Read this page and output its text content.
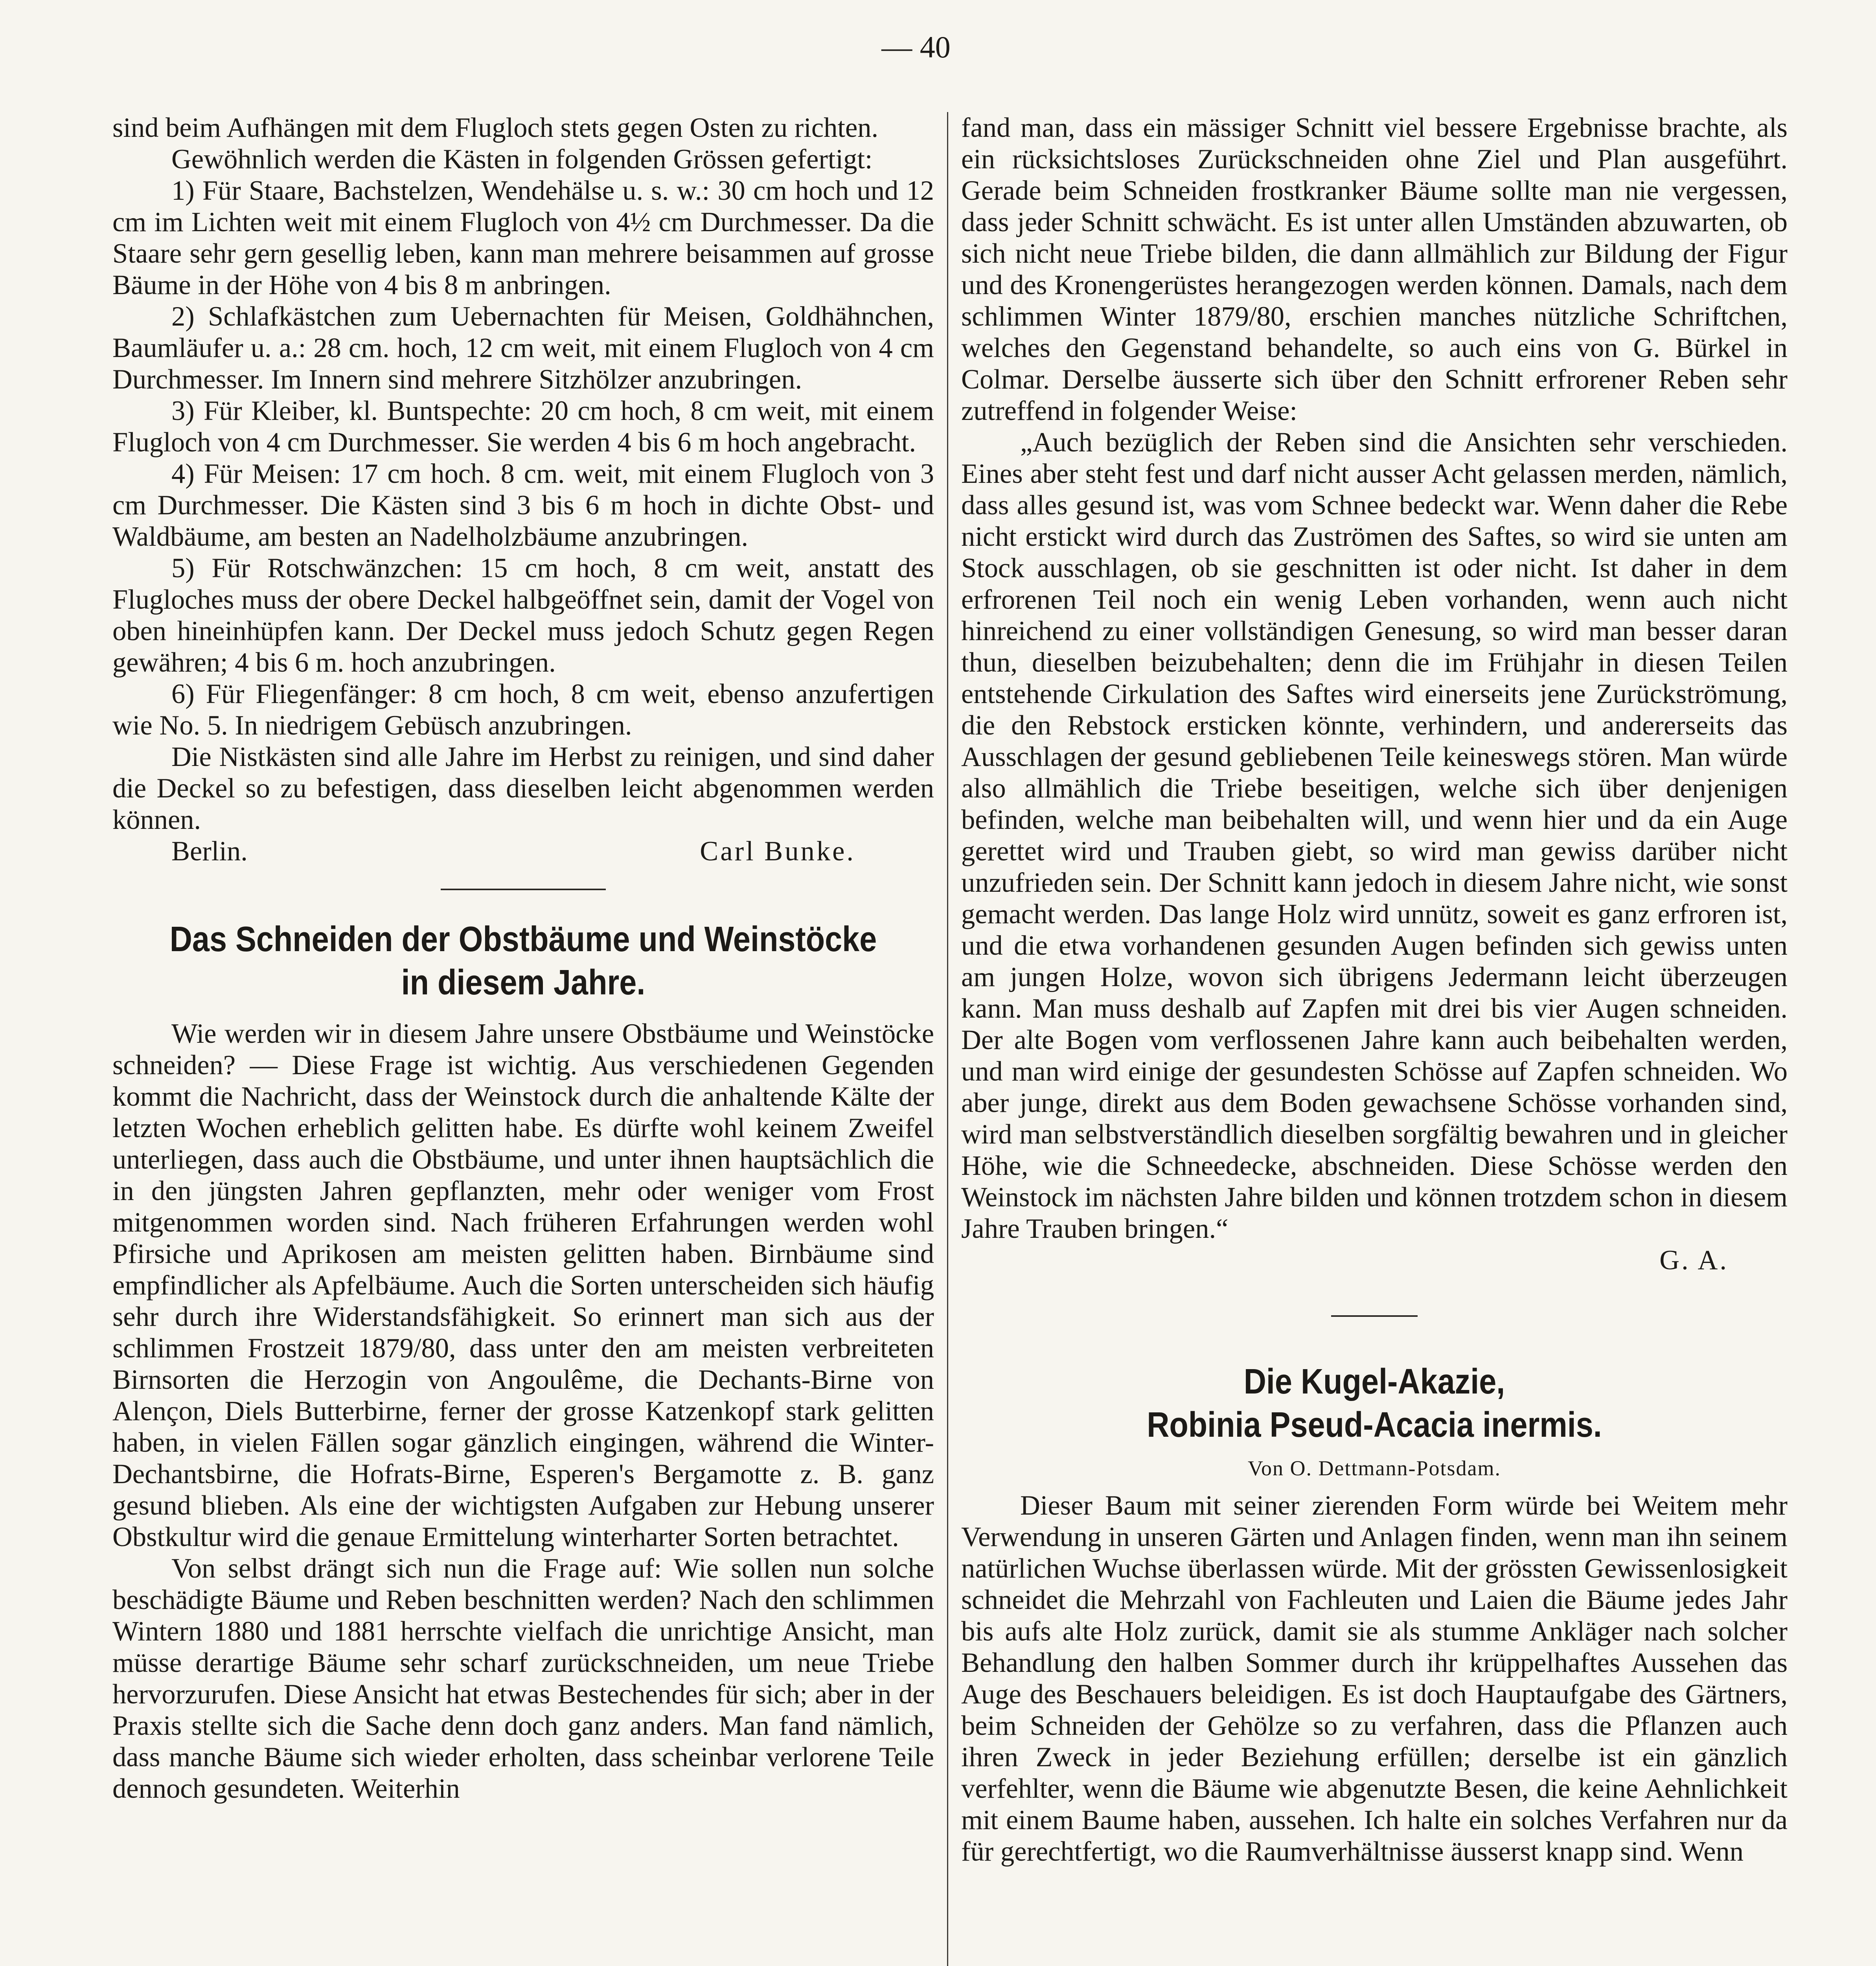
— 40

sind beim Aufhängen mit dem Flugloch stets gegen Osten zu richten.

Gewöhnlich werden die Kästen in folgenden Grössen gefertigt:

1) Für Staare, Bachstelzen, Wendehälse u. s. w.: 30 cm hoch und 12 cm im Lichten weit mit einem Flugloch von 4½ cm Durchmesser. Da die Staare sehr gern gesellig leben, kann man mehrere beisammen auf grosse Bäume in der Höhe von 4 bis 8 m anbringen.

2) Schlafkästchen zum Uebernachten für Meisen, Goldhähnchen, Baumläufer u. a.: 28 cm. hoch, 12 cm weit, mit einem Flugloch von 4 cm Durchmesser. Im Innern sind mehrere Sitzhölzer anzubringen.

3) Für Kleiber, kl. Buntspechte: 20 cm hoch, 8 cm weit, mit einem Flugloch von 4 cm Durchmesser. Sie werden 4 bis 6 m hoch angebracht.

4) Für Meisen: 17 cm hoch. 8 cm. weit, mit einem Flugloch von 3 cm Durchmesser. Die Kästen sind 3 bis 6 m hoch in dichte Obst- und Waldbäume, am besten an Nadelholzbäume anzubringen.

5) Für Rotschwänzchen: 15 cm hoch, 8 cm weit, anstatt des Flugloches muss der obere Deckel halbgeöffnet sein, damit der Vogel von oben hineinhüpfen kann. Der Deckel muss jedoch Schutz gegen Regen gewähren; 4 bis 6 m. hoch anzubringen.

6) Für Fliegenfänger: 8 cm hoch, 8 cm weit, ebenso anzufertigen wie No. 5. In niedrigem Gebüsch anzubringen.

Die Nistkästen sind alle Jahre im Herbst zu reinigen, und sind daher die Deckel so zu befestigen, dass dieselben leicht abgenommen werden können.

Berlin.	Carl Bunke.
Das Schneiden der Obstbäume und Weinstöcke in diesem Jahre.

Wie werden wir in diesem Jahre unsere Obstbäume und Weinstöcke schneiden? — Diese Frage ist wichtig. Aus verschiedenen Gegenden kommt die Nachricht, dass der Weinstock durch die anhaltende Kälte der letzten Wochen erheblich gelitten habe. Es dürfte wohl keinem Zweifel unterliegen, dass auch die Obstbäume, und unter ihnen hauptsächlich die in den jüngsten Jahren gepflanzten, mehr oder weniger vom Frost mitgenommen worden sind. Nach früheren Erfahrungen werden wohl Pfirsiche und Aprikosen am meisten gelitten haben. Birnbäume sind empfindlicher als Apfelbäume. Auch die Sorten unterscheiden sich häufig sehr durch ihre Widerstandsfähigkeit. So erinnert man sich aus der schlimmen Frostzeit 1879/80, dass unter den am meisten verbreiteten Birnsorten die Herzogin von Angoulême, die Dechants-Birne von Alençon, Diels Butterbirne, ferner der grosse Katzenkopf stark gelitten haben, in vielen Fällen sogar gänzlich eingingen, während die Winter-Dechantsbirne, die Hofrats-Birne, Esperen's Bergamotte z. B. ganz gesund blieben. Als eine der wichtigsten Aufgaben zur Hebung unserer Obstkultur wird die genaue Ermittelung winterharter Sorten betrachtet.

Von selbst drängt sich nun die Frage auf: Wie sollen nun solche beschädigte Bäume und Reben beschnitten werden? Nach den schlimmen Wintern 1880 und 1881 herrschte vielfach die unrichtige Ansicht, man müsse derartige Bäume sehr scharf zurückschneiden, um neue Triebe hervorzurufen. Diese Ansicht hat etwas Bestechendes für sich; aber in der Praxis stellte sich die Sache denn doch ganz anders. Man fand nämlich, dass manche Bäume sich wieder erholten, dass scheinbar verlorene Teile dennoch gesundeten. Weiterhin

fand man, dass ein mässiger Schnitt viel bessere Ergebnisse brachte, als ein rücksichtsloses Zurückschneiden ohne Ziel und Plan ausgeführt. Gerade beim Schneiden frostkranker Bäume sollte man nie vergessen, dass jeder Schnitt schwächt. Es ist unter allen Umständen abzuwarten, ob sich nicht neue Triebe bilden, die dann allmählich zur Bildung der Figur und des Kronengerüstes herangezogen werden können. Damals, nach dem schlimmen Winter 1879/80, erschien manches nützliche Schriftchen, welches den Gegenstand behandelte, so auch eins von G. Bürkel in Colmar. Derselbe äusserte sich über den Schnitt erfrorener Reben sehr zutreffend in folgender Weise:

„Auch bezüglich der Reben sind die Ansichten sehr verschieden. Eines aber steht fest und darf nicht ausser Acht gelassen merden, nämlich, dass alles gesund ist, was vom Schnee bedeckt war. Wenn daher die Rebe nicht erstickt wird durch das Zuströmen des Saftes, so wird sie unten am Stock ausschlagen, ob sie geschnitten ist oder nicht. Ist daher in dem erfrorenen Teil noch ein wenig Leben vorhanden, wenn auch nicht hinreichend zu einer vollständigen Genesung, so wird man besser daran thun, dieselben beizubehalten; denn die im Frühjahr in diesen Teilen entstehende Cirkulation des Saftes wird einerseits jene Zurückströmung, die den Rebstock ersticken könnte, verhindern, und andererseits das Ausschlagen der gesund gebliebenen Teile keineswegs stören. Man würde also allmählich die Triebe beseitigen, welche sich über denjenigen befinden, welche man beibehalten will, und wenn hier und da ein Auge gerettet wird und Trauben giebt, so wird man gewiss darüber nicht unzufrieden sein. Der Schnitt kann jedoch in diesem Jahre nicht, wie sonst gemacht werden. Das lange Holz wird unnütz, soweit es ganz erfroren ist, und die etwa vorhandenen gesunden Augen befinden sich gewiss unten am jungen Holze, wovon sich übrigens Jedermann leicht überzeugen kann. Man muss deshalb auf Zapfen mit drei bis vier Augen schneiden. Der alte Bogen vom verflossenen Jahre kann auch beibehalten werden, und man wird einige der gesundesten Schösse auf Zapfen schneiden. Wo aber junge, direkt aus dem Boden gewachsene Schösse vorhanden sind, wird man selbstverständlich dieselben sorgfältig bewahren und in gleicher Höhe, wie die Schneedecke, abschneiden. Diese Schösse werden den Weinstock im nächsten Jahre bilden und können trotzdem schon in diesem Jahre Trauben bringen.“

G. A.
Die Kugel-Akazie,
Robinia Pseud-Acacia inermis.
Von O. Dettmann-Potsdam.

Dieser Baum mit seiner zierenden Form würde bei Weitem mehr Verwendung in unseren Gärten und Anlagen finden, wenn man ihn seinem natürlichen Wuchse überlassen würde. Mit der grössten Gewissenlosigkeit schneidet die Mehrzahl von Fachleuten und Laien die Bäume jedes Jahr bis aufs alte Holz zurück, damit sie als stumme Ankläger nach solcher Behandlung den halben Sommer durch ihr krüppelhaftes Aussehen das Auge des Beschauers beleidigen. Es ist doch Hauptaufgabe des Gärtners, beim Schneiden der Gehölze so zu verfahren, dass die Pflanzen auch ihren Zweck in jeder Beziehung erfüllen; derselbe ist ein gänzlich verfehlter, wenn die Bäume wie abgenutzte Besen, die keine Aehnlichkeit mit einem Baume haben, aussehen. Ich halte ein solches Verfahren nur da für gerechtfertigt, wo die Raumverhältnisse äusserst knapp sind. Wenn
